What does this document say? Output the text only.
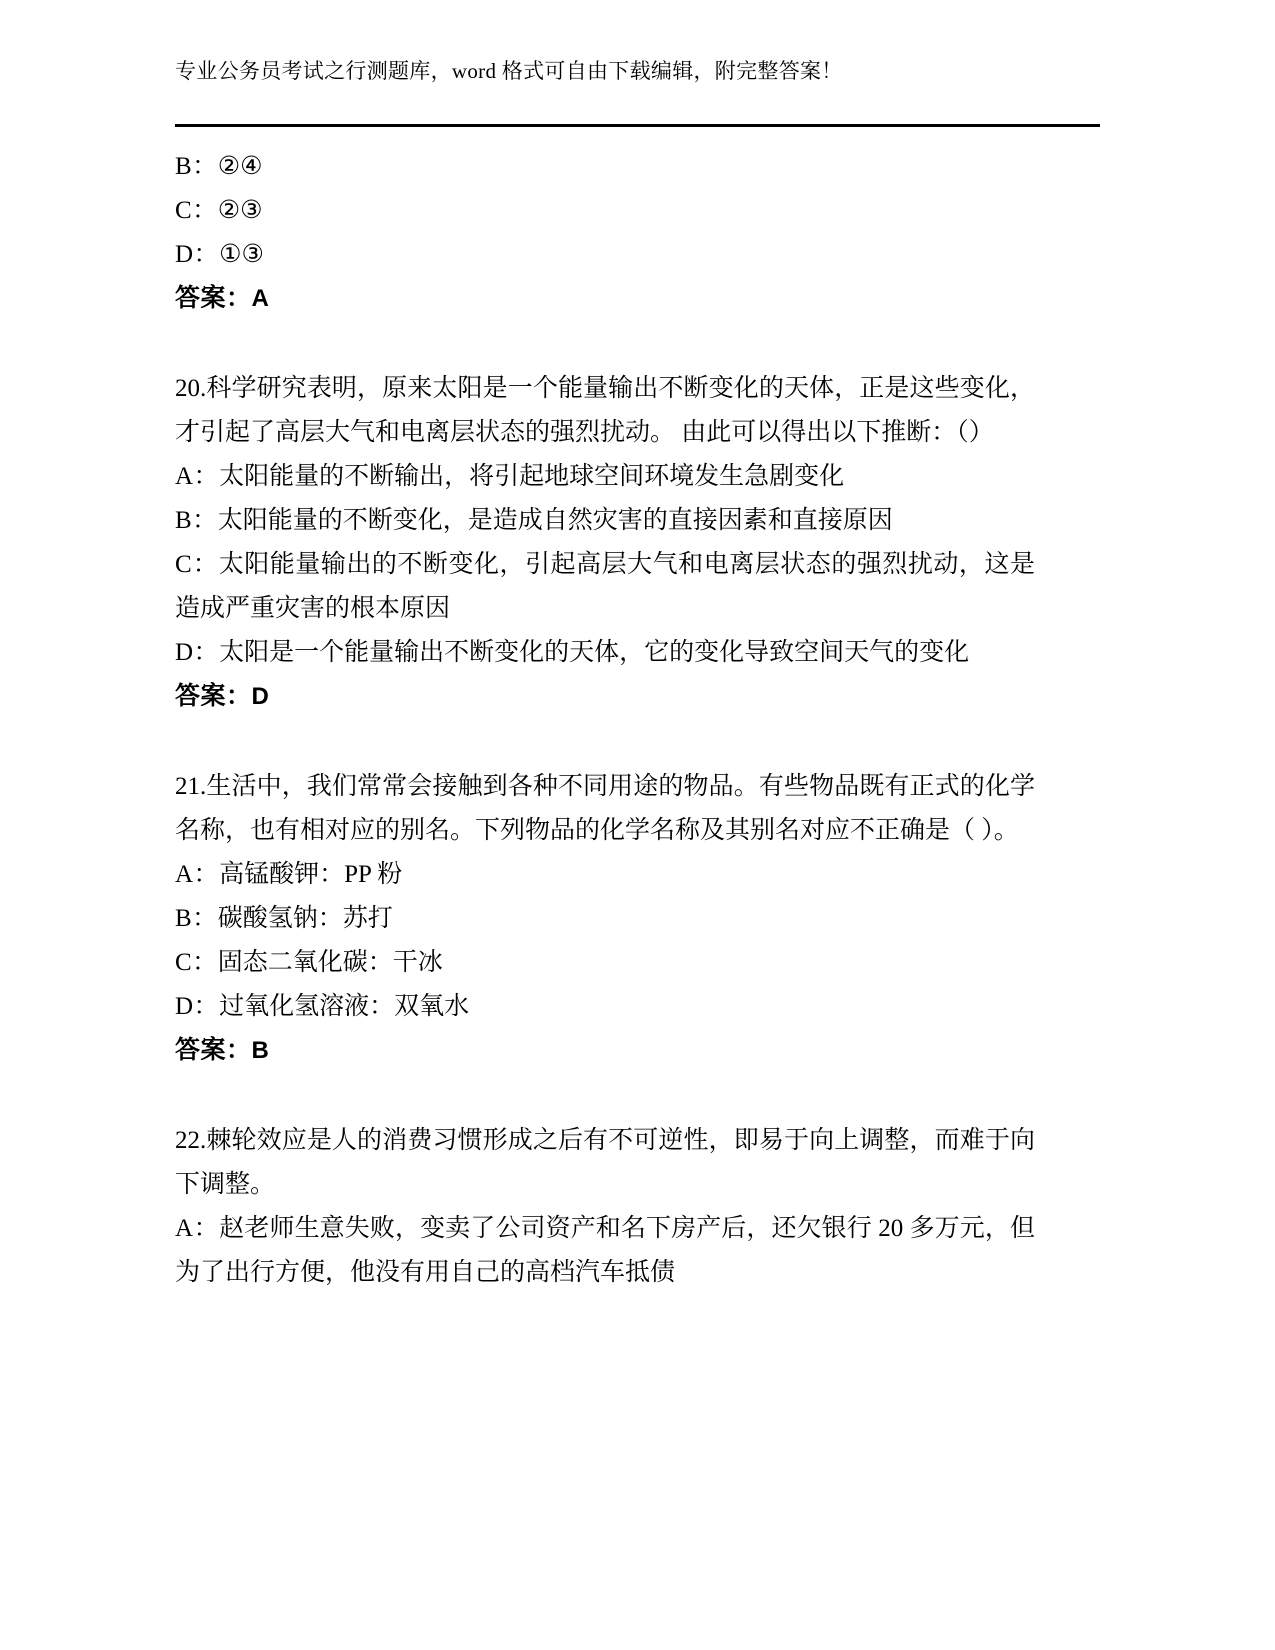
专业公务员考试之行测题库，word 格式可自由下载编辑，附完整答案！
B：②④
C：②③
D：①③
答案：A
20.科学研究表明，原来太阳是一个能量输出不断变化的天体，正是这些变化，才引起了高层大气和电离层状态的强烈扰动。 由此可以得出以下推断：（）
A：太阳能量的不断输出，将引起地球空间环境发生急剧变化
B：太阳能量的不断变化，是造成自然灾害的直接因素和直接原因
C：太阳能量输出的不断变化，引起高层大气和电离层状态的强烈扰动，这是造成严重灾害的根本原因
D：太阳是一个能量输出不断变化的天体，它的变化导致空间天气的变化
答案：D
21.生活中，我们常常会接触到各种不同用途的物品。有些物品既有正式的化学名称，也有相对应的别名。下列物品的化学名称及其别名对应不正确是（ ）。
A：高锰酸钾：PP 粉
B：碳酸氢钠：苏打
C：固态二氧化碳：干冰
D：过氧化氢溶液：双氧水
答案：B
22.棘轮效应是人的消费习惯形成之后有不可逆性，即易于向上调整，而难于向下调整。
A：赵老师生意失败，变卖了公司资产和名下房产后，还欠银行 20 多万元，但为了出行方便，他没有用自己的高档汽车抵债
